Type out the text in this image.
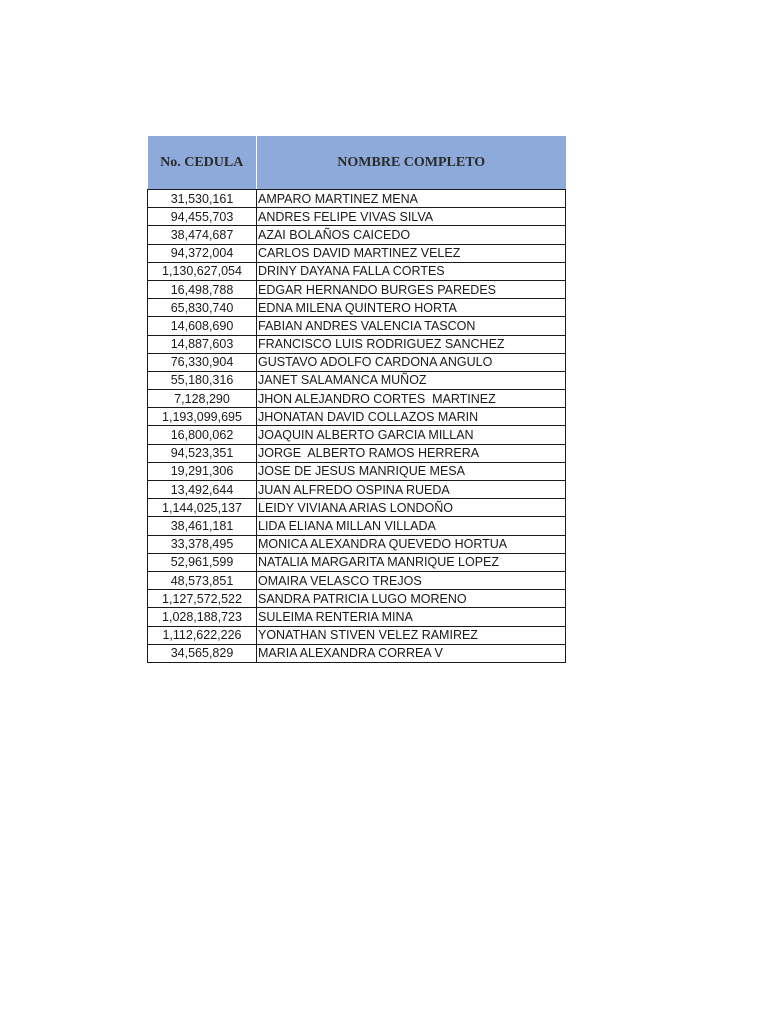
No. CEDULA	NOMBRE COMPLETO
31,530,161	AMPARO MARTINEZ MENA
94,455,703	ANDRES FELIPE VIVAS SILVA
38,474,687	AZAI BOLAÑOS CAICEDO
94,372,004	CARLOS DAVID MARTINEZ VELEZ
1,130,627,054	DRINY DAYANA FALLA CORTES
16,498,788	EDGAR HERNANDO BURGES PAREDES
65,830,740	EDNA MILENA QUINTERO HORTA
14,608,690	FABIAN ANDRES VALENCIA TASCON
14,887,603	FRANCISCO LUIS RODRIGUEZ SANCHEZ
76,330,904	GUSTAVO ADOLFO CARDONA ANGULO
55,180,316	JANET SALAMANCA MUÑOZ
7,128,290	JHON ALEJANDRO CORTES  MARTINEZ
1,193,099,695	JHONATAN DAVID COLLAZOS MARIN
16,800,062	JOAQUIN ALBERTO GARCIA MILLAN
94,523,351	JORGE  ALBERTO RAMOS HERRERA
19,291,306	JOSE DE JESUS MANRIQUE MESA
13,492,644	JUAN ALFREDO OSPINA RUEDA
1,144,025,137	LEIDY VIVIANA ARIAS LONDOÑO
38,461,181	LIDA ELIANA MILLAN VILLADA
33,378,495	MONICA ALEXANDRA QUEVEDO HORTUA
52,961,599	NATALIA MARGARITA MANRIQUE LOPEZ
48,573,851	OMAIRA VELASCO TREJOS
1,127,572,522	SANDRA PATRICIA LUGO MORENO
1,028,188,723	SULEIMA RENTERIA MINA
1,112,622,226	YONATHAN STIVEN VELEZ RAMIREZ
34,565,829	MARIA ALEXANDRA CORREA V
